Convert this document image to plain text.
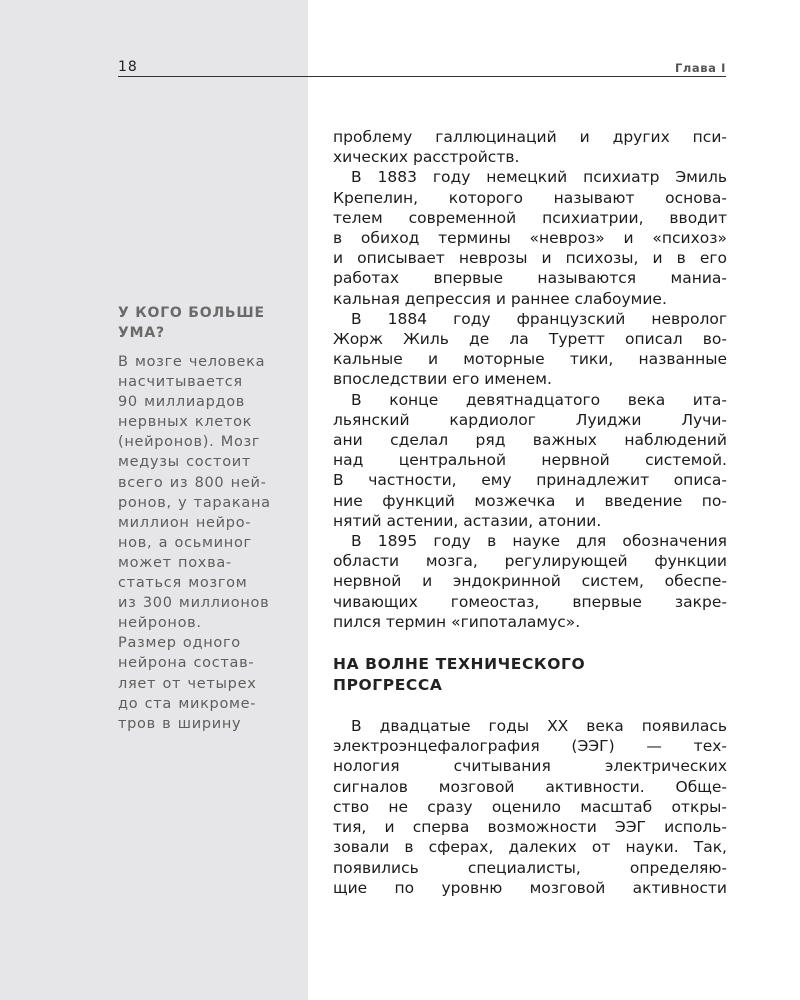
18	Глава I
У КОГО БОЛЬШЕ УМА?
В мозге человека
насчитывается
90 миллиардов
нервных клеток
(нейронов). Мозг
медузы состоит
всего из 800 ней-
ронов, у таракана
миллион нейро-
нов, а осьминог
может похва-
статься мозгом
из 300 миллионов
нейронов.
Размер одного
нейрона состав-
ляет от четырех
до ста микроме-
тров в ширину

проблему галлюцинаций и других пси-
хических расстройств.

В 1883 году немецкий психиатр Эмиль
Крепелин, которого называют основа-
телем современной психиатрии, вводит
в обиход термины «невроз» и «психоз»
и описывает неврозы и психозы, и в его
работах впервые называются маниа-
кальная депрессия и раннее слабоумие.

В 1884 году французский невролог
Жорж Жиль де ла Туретт описал во-
кальные и моторные тики, названные
впоследствии его именем.

В конце девятнадцатого века ита-
льянский кардиолог Луиджи Лучи-
ани сделал ряд важных наблюдений
над центральной нервной системой.
В частности, ему принадлежит описа-
ние функций мозжечка и введение по-
нятий астении, астазии, атонии.

В 1895 году в науке для обозначения
области мозга, регулирующей функции
нервной и эндокринной систем, обеспе-
чивающих гомеостаз, впервые закре-
пился термин «гипоталамус».

НА ВОЛНЕ ТЕХНИЧЕСКОГО
ПРОГРЕССА

В двадцатые годы XX века появилась
электроэнцефалография (ЭЭГ) — тех-
нология считывания электрических
сигналов мозговой активности. Обще-
ство не сразу оценило масштаб откры-
тия, и сперва возможности ЭЭГ исполь-
зовали в сферах, далеких от науки. Так,
появились специалисты, определяю-
щие по уровню мозговой активности
